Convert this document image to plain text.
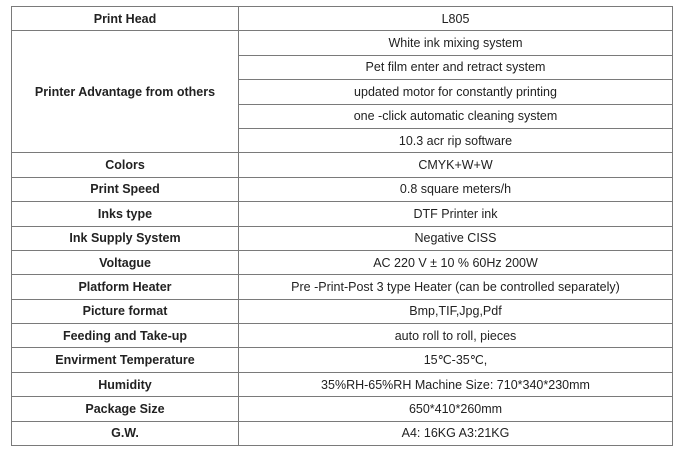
Print Head	L805
Printer Advantage from others	White ink mixing system
	Pet film enter and retract system
	updated motor for constantly printing
	one -click automatic cleaning system
	10.3 acr rip software
Colors	CMYK+W+W
Print Speed	0.8 square meters/h
Inks type	DTF Printer ink
Ink Supply System	Negative CISS
Voltague	AC 220 V ± 10 % 60Hz 200W
Platform Heater	Pre -Print-Post 3 type Heater (can be controlled separately)
Picture format	Bmp,TIF,Jpg,Pdf
Feeding and Take-up	auto roll to roll, pieces
Envirment Temperature	15℃-35℃,
Humidity	35%RH-65%RH Machine Size: 710*340*230mm
Package Size	650*410*260mm
G.W.	A4: 16KG A3:21KG
